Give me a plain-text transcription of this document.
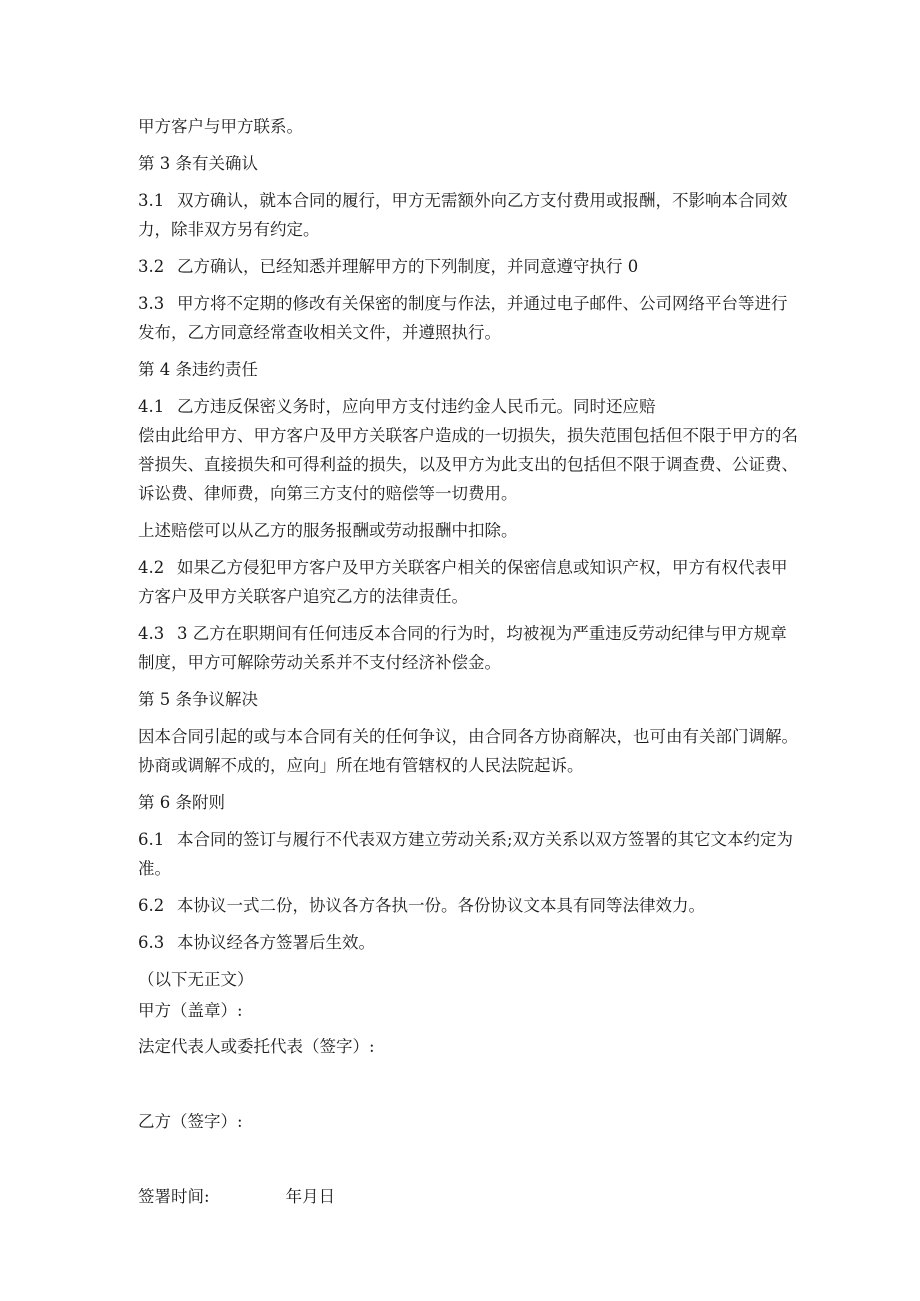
甲方客户与甲方联系。

第 3 条有关确认

3.1 双方确认，就本合同的履行，甲方无需额外向乙方支付费用或报酬，不影响本合同效力，除非双方另有约定。

3.2 乙方确认，已经知悉并理解甲方的下列制度，并同意遵守执行 0

3.3 甲方将不定期的修改有关保密的制度与作法，并通过电子邮件、公司网络平台等进行发布，乙方同意经常查收相关文件，并遵照执行。

第 4 条违约责任

4.1 乙方违反保密义务时，应向甲方支付违约金人民币元。同时还应赔
偿由此给甲方、甲方客户及甲方关联客户造成的一切损失，损失范围包括但不限于甲方的名誉损失、直接损失和可得利益的损失，以及甲方为此支出的包括但不限于调查费、公证费、诉讼费、律师费，向第三方支付的赔偿等一切费用。

上述赔偿可以从乙方的服务报酬或劳动报酬中扣除。

4.2 如果乙方侵犯甲方客户及甲方关联客户相关的保密信息或知识产权，甲方有权代表甲方客户及甲方关联客户追究乙方的法律责任。

4.3 3 乙方在职期间有任何违反本合同的行为时，均被视为严重违反劳动纪律与甲方规章制度，甲方可解除劳动关系并不支付经济补偿金。

第 5 条争议解决

因本合同引起的或与本合同有关的任何争议，由合同各方协商解决，也可由有关部门调解。协商或调解不成的，应向」所在地有管辖权的人民法院起诉。

第 6 条附则

6.1 本合同的签订与履行不代表双方建立劳动关系;双方关系以双方签署的其它文本约定为准。

6.2 本协议一式二份，协议各方各执一份。各份协议文本具有同等法律效力。

6.3 本协议经各方签署后生效。

（以下无正文）

甲方（盖章）:

法定代表人或委托代表（签字）:

乙方（签字）:

签署时间:	年月日
